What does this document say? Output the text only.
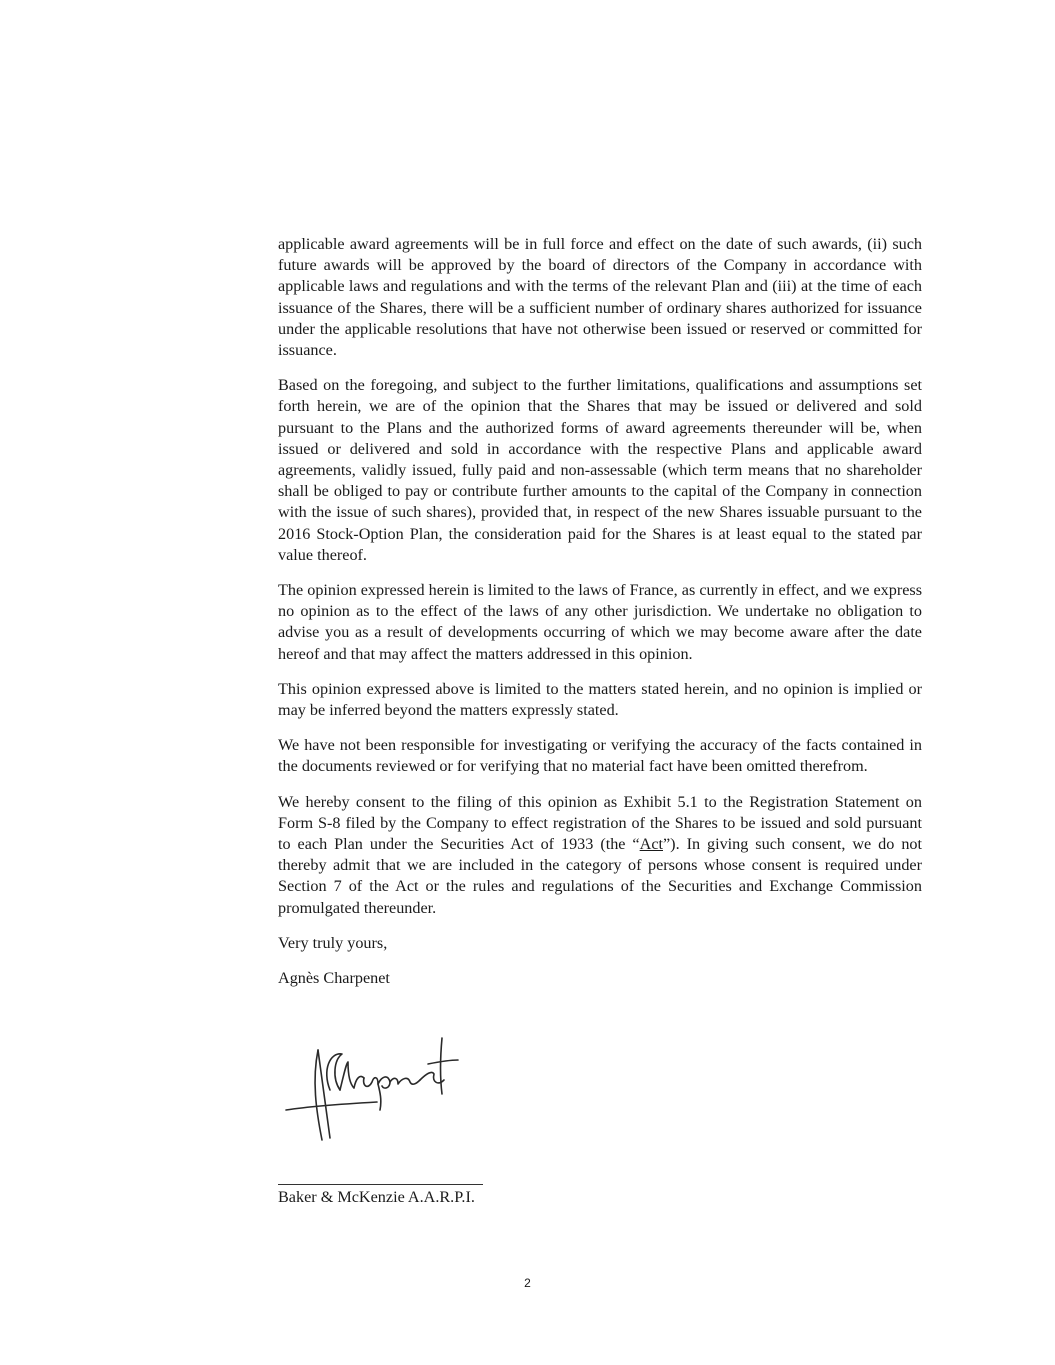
applicable award agreements will be in full force and effect on the date of such awards, (ii) such future awards will be approved by the board of directors of the Company in accordance with applicable laws and regulations and with the terms of the relevant Plan and (iii) at the time of each issuance of the Shares, there will be a sufficient number of ordinary shares authorized for issuance under the applicable resolutions that have not otherwise been issued or reserved or committed for issuance.

Based on the foregoing, and subject to the further limitations, qualifications and assumptions set forth herein, we are of the opinion that the Shares that may be issued or delivered and sold pursuant to the Plans and the authorized forms of award agreements thereunder will be, when issued or delivered and sold in accordance with the respective Plans and applicable award agreements, validly issued, fully paid and non-assessable (which term means that no shareholder shall be obliged to pay or contribute further amounts to the capital of the Company in connection with the issue of such shares), provided that, in respect of the new Shares issuable pursuant to the 2016 Stock-Option Plan, the consideration paid for the Shares is at least equal to the stated par value thereof.

The opinion expressed herein is limited to the laws of France, as currently in effect, and we express no opinion as to the effect of the laws of any other jurisdiction. We undertake no obligation to advise you as a result of developments occurring of which we may become aware after the date hereof and that may affect the matters addressed in this opinion.

This opinion expressed above is limited to the matters stated herein, and no opinion is implied or may be inferred beyond the matters expressly stated.

We have not been responsible for investigating or verifying the accuracy of the facts contained in the documents reviewed or for verifying that no material fact have been omitted therefrom.

We hereby consent to the filing of this opinion as Exhibit 5.1 to the Registration Statement on Form S-8 filed by the Company to effect registration of the Shares to be issued and sold pursuant to each Plan under the Securities Act of 1933 (the “Act”). In giving such consent, we do not thereby admit that we are included in the category of persons whose consent is required under Section 7 of the Act or the rules and regulations of the Securities and Exchange Commission promulgated thereunder.

Very truly yours,

Agnès Charpenet

Charpenet
Baker & McKenzie A.A.R.P.I.
2
